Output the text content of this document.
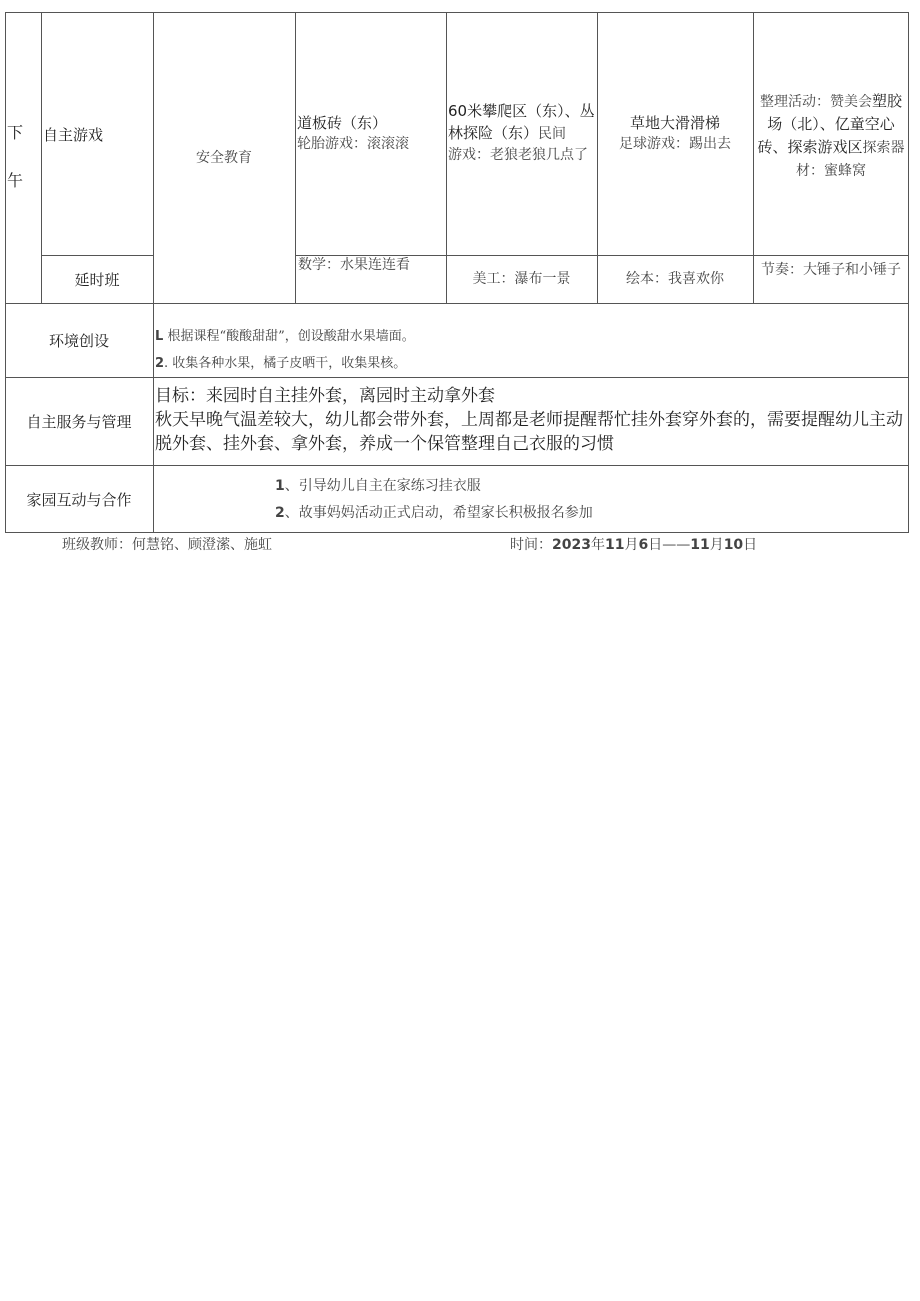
下
午
自主游戏
延时班
安全教育
道板砖（东）
轮胎游戏：滚滚滚
数学：水果连连看
60米攀爬区（东）、丛林探险（东）民间
游戏：老狼老狼几点了
美工：瀑布一景
草地大滑滑梯
足球游戏：踢出去
绘本：我喜欢你
整理活动：赞美会塑胶场（北）、亿童空心砖、探索游戏区探索器材：蜜蜂窝
节奏：大锤子和小锤子
环境创设	L 根据课程“酸酸甜甜”，创设酸甜水果墙面。
2. 收集各种水果，橘子皮晒干，收集果核。
自主服务与管理
目标：来园时自主挂外套，离园时主动拿外套
秋天早晚气温差较大，幼儿都会带外套，上周都是老师提醒帮忙挂外套穿外套的，需要提醒幼儿主动脱外套、挂外套、拿外套，养成一个保管整理自己衣服的习惯
家园互动与合作
1、引导幼儿自主在家练习挂衣服
2、故事妈妈活动正式启动，希望家长积极报名参加
班级教师：何慧铭、顾澄潆、施虹	时间：2023年11月6日——11月10日
